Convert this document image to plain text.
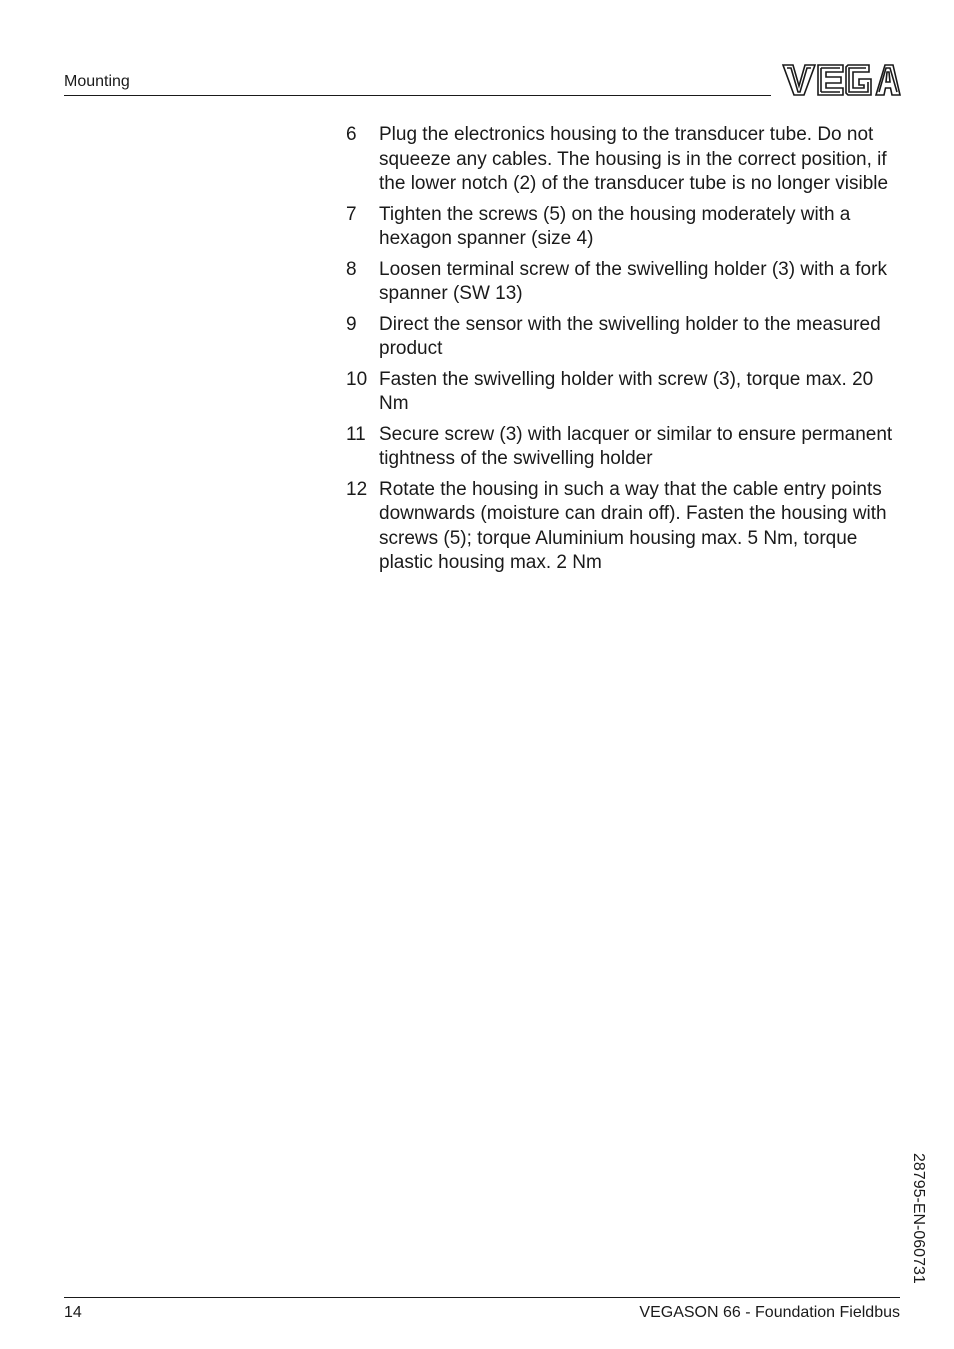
Mounting
6	Plug the electronics housing to the transducer tube. Do not squeeze any cables. The housing is in the correct position, if the lower notch (2) of the transducer tube is no longer visible
7	Tighten the screws (5) on the housing moderately with a hexagon spanner (size 4)
8	Loosen terminal screw of the swivelling holder (3) with a fork spanner (SW 13)
9	Direct the sensor with the swivelling holder to the measured product
10 Fasten the swivelling holder with screw (3), torque max. 20 Nm
11 Secure screw (3) with lacquer or similar to ensure permanent tightness of the swivelling holder
12 Rotate the housing in such a way that the cable entry points downwards (moisture can drain off). Fasten the housing with screws (5); torque Aluminium housing max. 5 Nm, torque plastic housing max. 2 Nm
28795-EN-060731
14	VEGASON 66 - Foundation Fieldbus
